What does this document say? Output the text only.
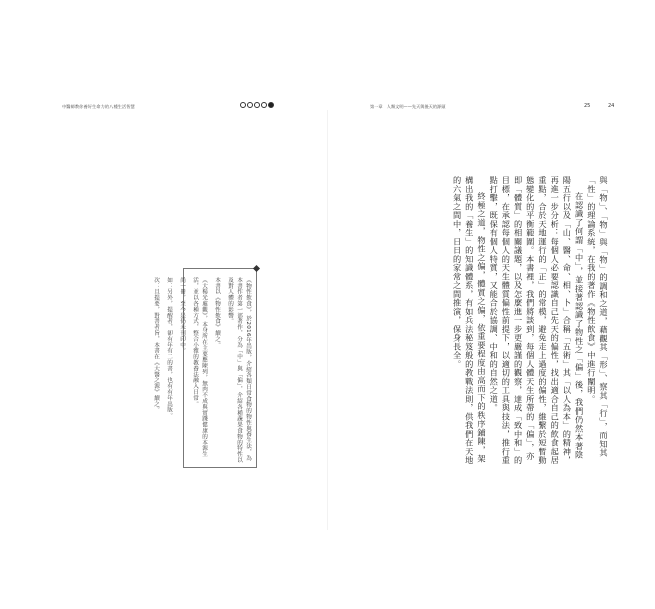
中醫師教你養好生命力的八種生活智慧	第一章　人類文明——先天與後天的源頭	25	24

《物性飲食》，於2016年出版，介紹各類日常食物的物性與養生法，為本書作者第一部著作，分為「中」與「偏」，介紹各種蔬果食物的特性以及對人體的影響。

本書以《物性飲食》續之。

《大楊光處觀》，本身所在主要應陳列，無肉不成與實踐健康的本源生活，並以各種方式，整合小雅的教養法融入日常。

尚一冊，至今是仍未刊印中。

如：另外，提醒者，卻有年有二的書，也有有年出版。

次：且提要，對書者旨，本書在《大醫之源》續之。	與「物」、「物」與「物」的調和之道，藉觀其「形」、察其「行」，而知其「性」的理論系統，在我的著作《物性飲食》中進行闡明。

在認識了何謂「中」，並接著認識了物性之「偏」後，我們仍然本著陰陽五行以及「山、醫、命、相、卜」合稱「五術」其「以人為本」的精神，再進一步分析：每個人必要認識自己先天的偏性，找出適合自己的飲食起居重點，合於天地運行的「正」的常模，避免走上過度的偏性，維繫於短暫動態變化的平衡範圍。本書裡，我們將談到，每個人體天生所帶的「偏」，亦即「體質」的相關議題，以及怎麼進一步更嚴謹的觀察，達成「致中和」的目標，在承認每個人的天生體質偏性前提下，以適切的工具與技法，推行重點打擊，既保有個人特質，又能合於協調、中和的自然之道。

終極之道，物性之偏，體質之偏，依重要程度由高而下的秩序鋪陳，架構出我的「養生」的知識體系，有如兵法秘笈般的教戰法則，供我們在天地的六氣之間中，日日的家常之間推演，保身長全。
